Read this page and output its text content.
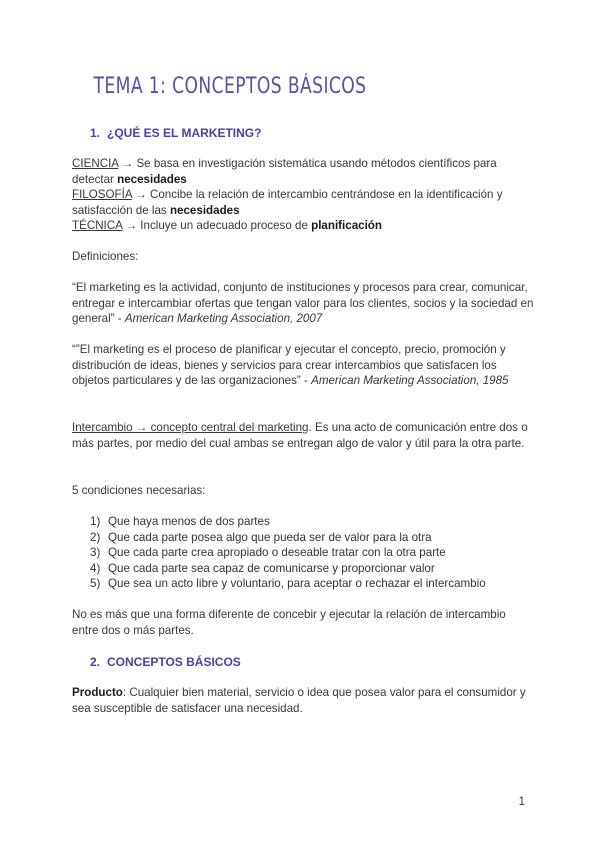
TEMA 1: CONCEPTOS BÁSICOS
1. ¿QUÉ ES EL MARKETING?
CIENCIA → Se basa en investigación sistemática usando métodos científicos para detectar necesidades
FILOSOFÍA → Concibe la relación de intercambio centrándose en la identificación y satisfacción de las necesidades
TÉCNICA → Incluye un adecuado proceso de planificación
Definiciones:
“El marketing es la actividad, conjunto de instituciones y procesos para crear, comunicar, entregar e intercambiar ofertas que tengan valor para los clientes, socios y la sociedad en general” - American Marketing Association, 2007
“”El marketing es el proceso de planificar y ejecutar el concepto, precio, promoción y distribución de ideas, bienes y servicios para crear intercambios que satisfacen los objetos particulares y de las organizaciones” - American Marketing Association, 1985
Intercambio → concepto central del marketing. Es una acto de comunicación entre dos o más partes, por medio del cual ambas se entregan algo de valor y útil para la otra parte.
5 condiciones necesarias:
1) Que haya menos de dos partes
2) Que cada parte posea algo que pueda ser de valor para la otra
3) Que cada parte crea apropiado o deseable tratar con la otra parte
4) Que cada parte sea capaz de comunicarse y proporcionar valor
5) Que sea un acto libre y voluntario, para aceptar o rechazar el intercambio
No es más que una forma diferente de concebir y ejecutar la relación de intercambio entre dos o más partes.
2. CONCEPTOS BÁSICOS
Producto: Cualquier bien material, servicio o idea que posea valor para el consumidor y sea susceptible de satisfacer una necesidad.
1
